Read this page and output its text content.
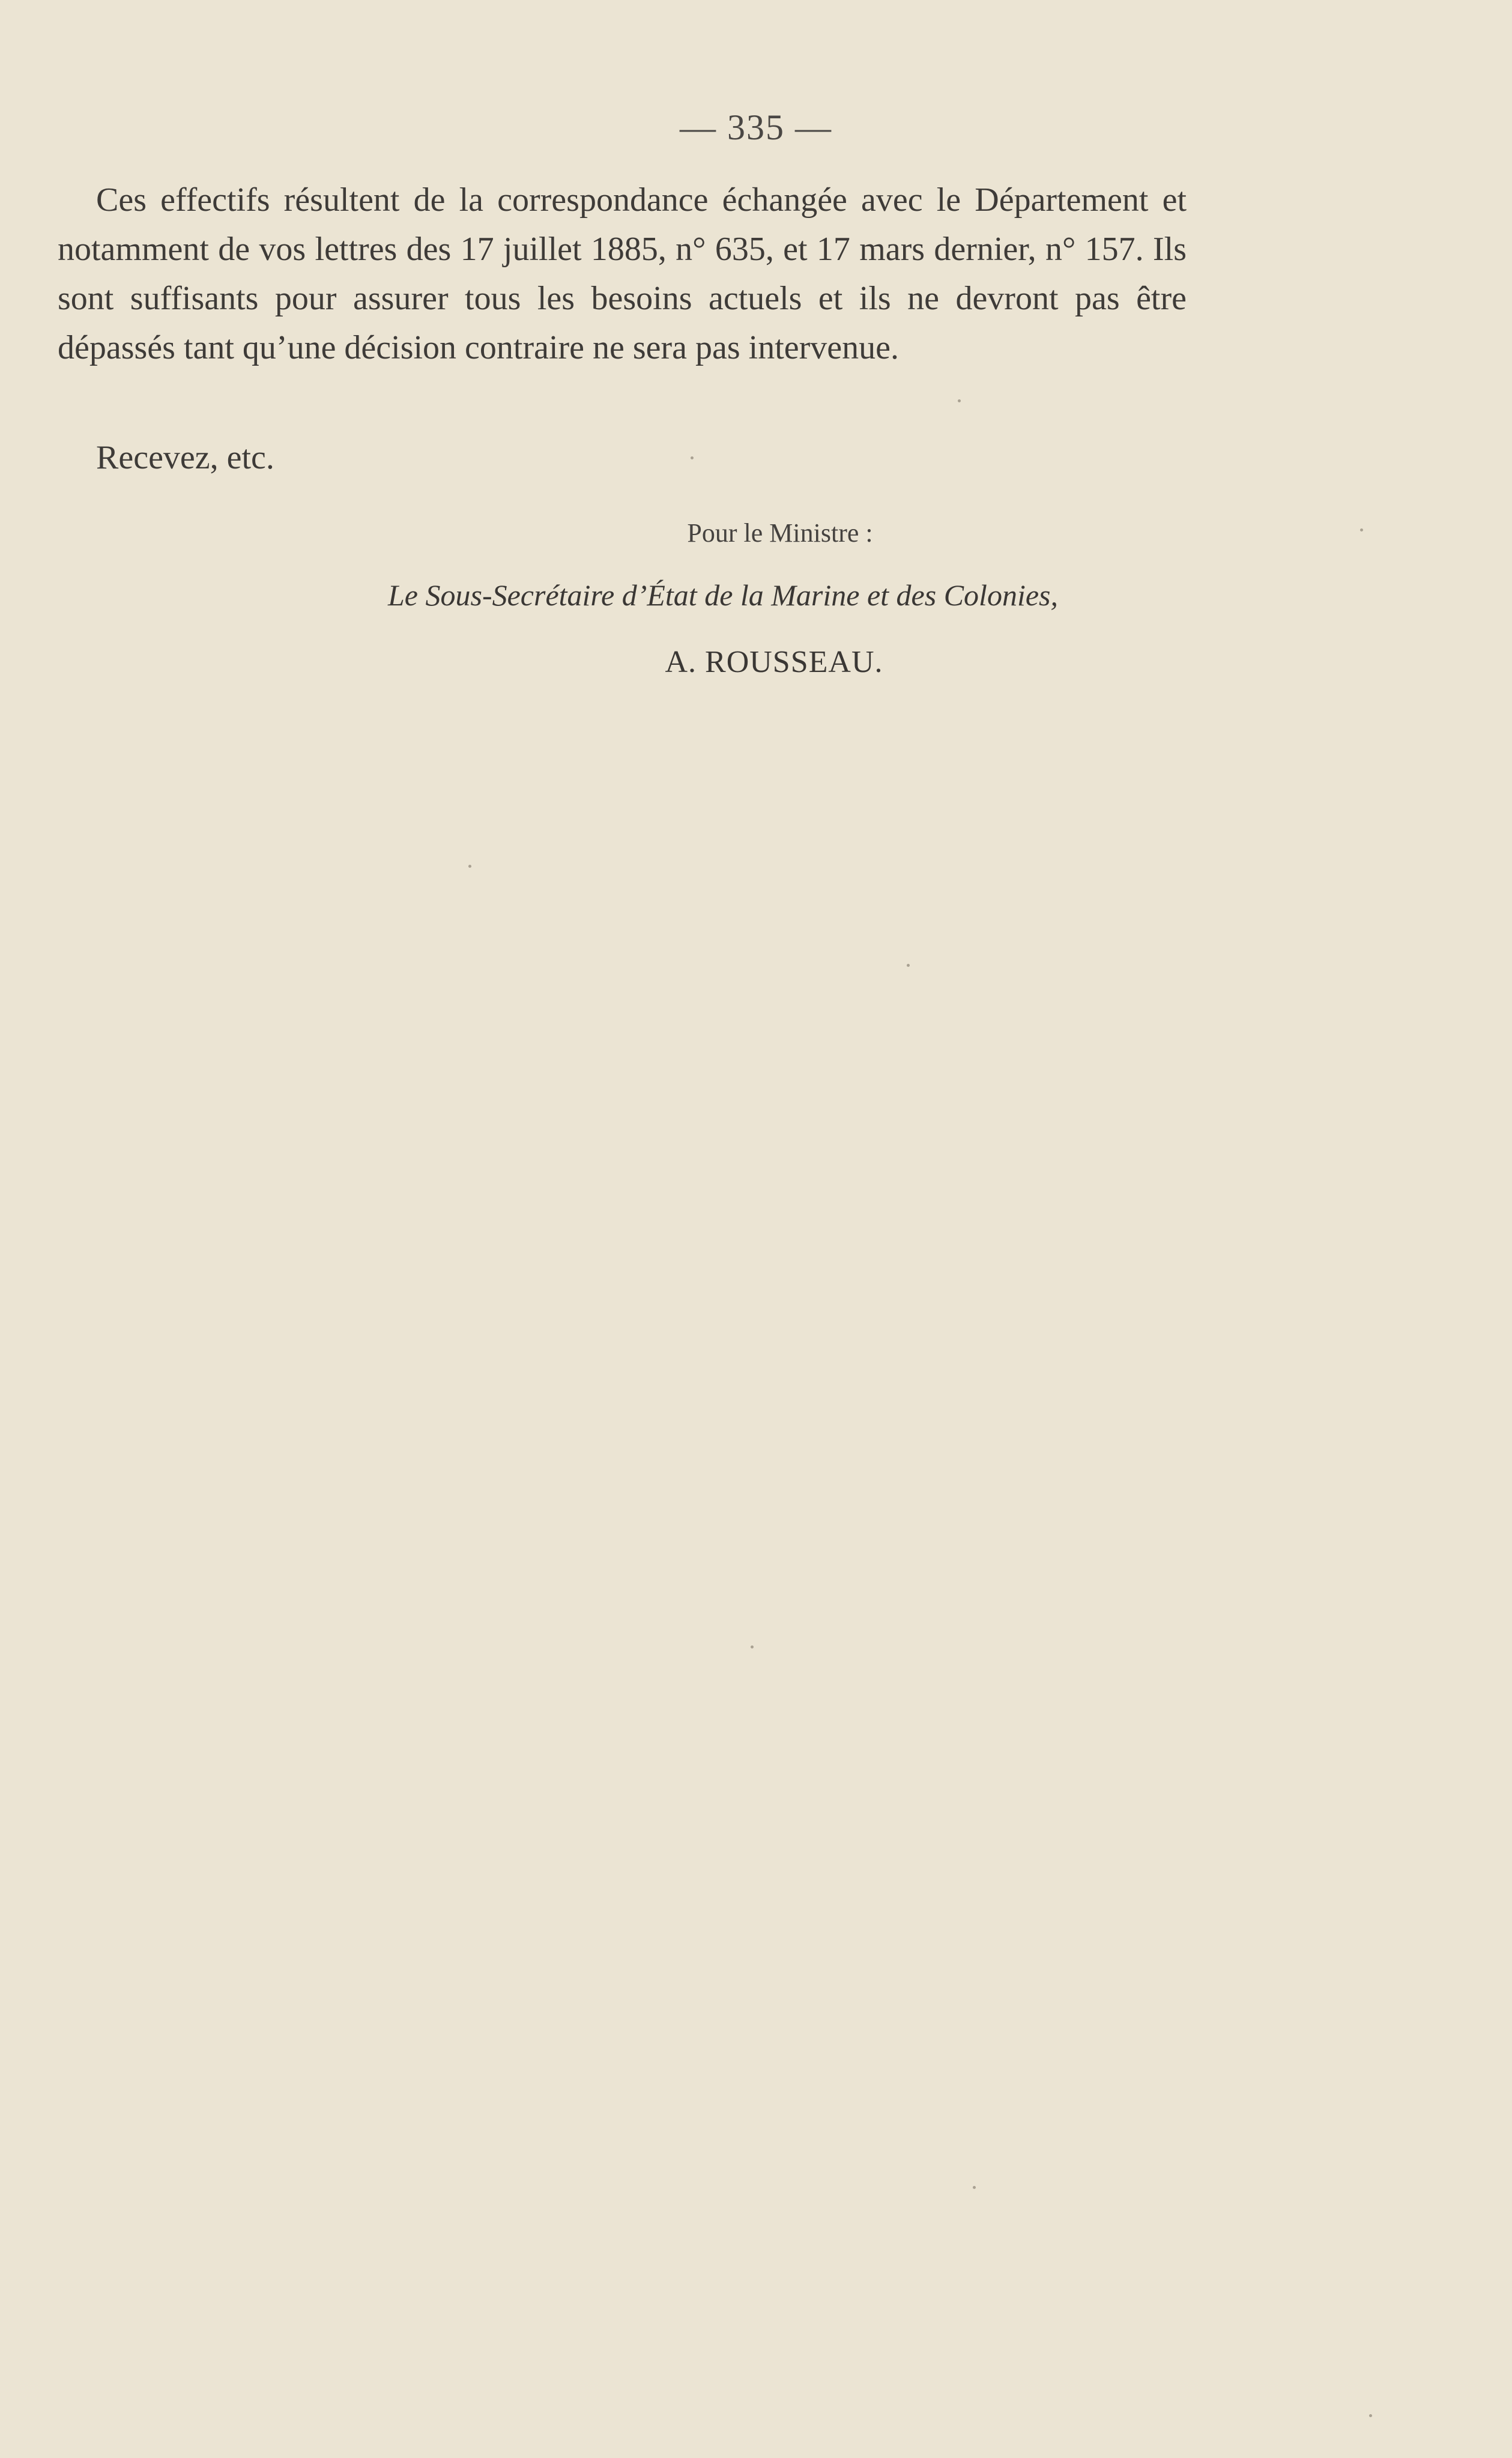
— 335 —

Ces effectifs résultent de la correspondance échangée avec le Département et notamment de vos lettres des 17 juillet 1885, n° 635, et 17 mars dernier, n° 157. Ils sont suffisants pour assurer tous les besoins actuels et ils ne devront pas être dépassés tant qu’une décision contraire ne sera pas intervenue.

Recevez, etc.
Pour le Ministre :
Le Sous-Secrétaire d’État de la Marine et des Colonies,
A. ROUSSEAU.
